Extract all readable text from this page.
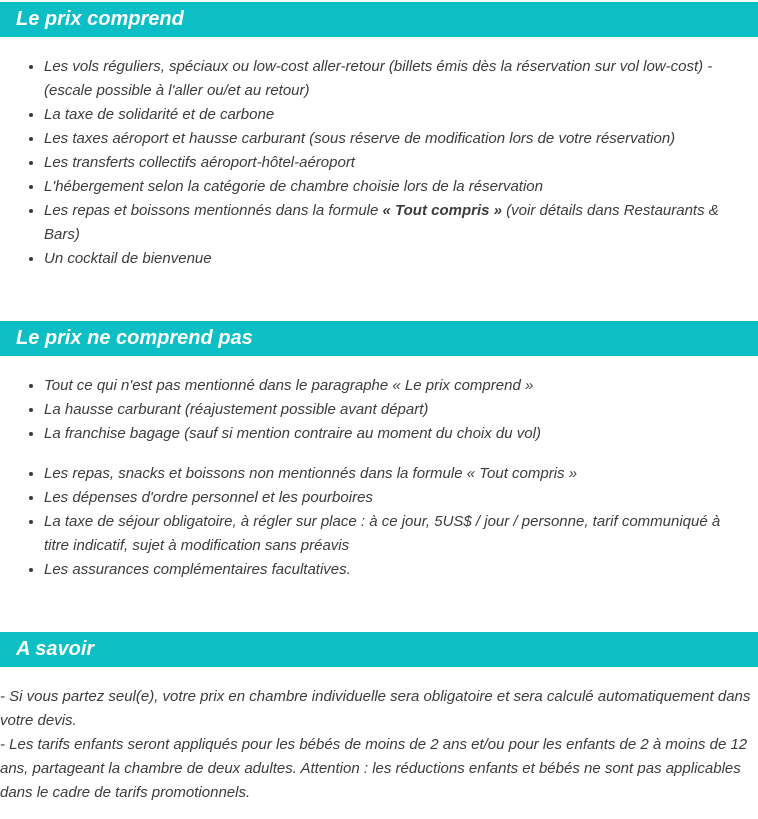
Le prix comprend
• Les vols réguliers, spéciaux ou low-cost aller-retour (billets émis dès la réservation sur vol low-cost) - (escale possible à l'aller ou/et au retour)
• La taxe de solidarité et de carbone
• Les taxes aéroport et hausse carburant (sous réserve de modification lors de votre réservation)
• Les transferts collectifs aéroport-hôtel-aéroport
• L'hébergement selon la catégorie de chambre choisie lors de la réservation
• Les repas et boissons mentionnés dans la formule « Tout compris » (voir détails dans Restaurants & Bars)
• Un cocktail de bienvenue
Le prix ne comprend pas
• Tout ce qui n'est pas mentionné dans le paragraphe « Le prix comprend »
• La hausse carburant (réajustement possible avant départ)
• La franchise bagage (sauf si mention contraire au moment du choix du vol)
• Les repas, snacks et boissons non mentionnés dans la formule « Tout compris »
• Les dépenses d'ordre personnel et les pourboires
• La taxe de séjour obligatoire, à régler sur place : à ce jour, 5US$ / jour / personne, tarif communiqué à titre indicatif, sujet à modification sans préavis
• Les assurances complémentaires facultatives.
A savoir

- Si vous partez seul(e), votre prix en chambre individuelle sera obligatoire et sera calculé automatiquement dans votre devis.

- Les tarifs enfants seront appliqués pour les bébés de moins de 2 ans et/ou pour les enfants de 2 à moins de 12 ans, partageant la chambre de deux adultes. Attention : les réductions enfants et bébés ne sont pas applicables dans le cadre de tarifs promotionnels.
